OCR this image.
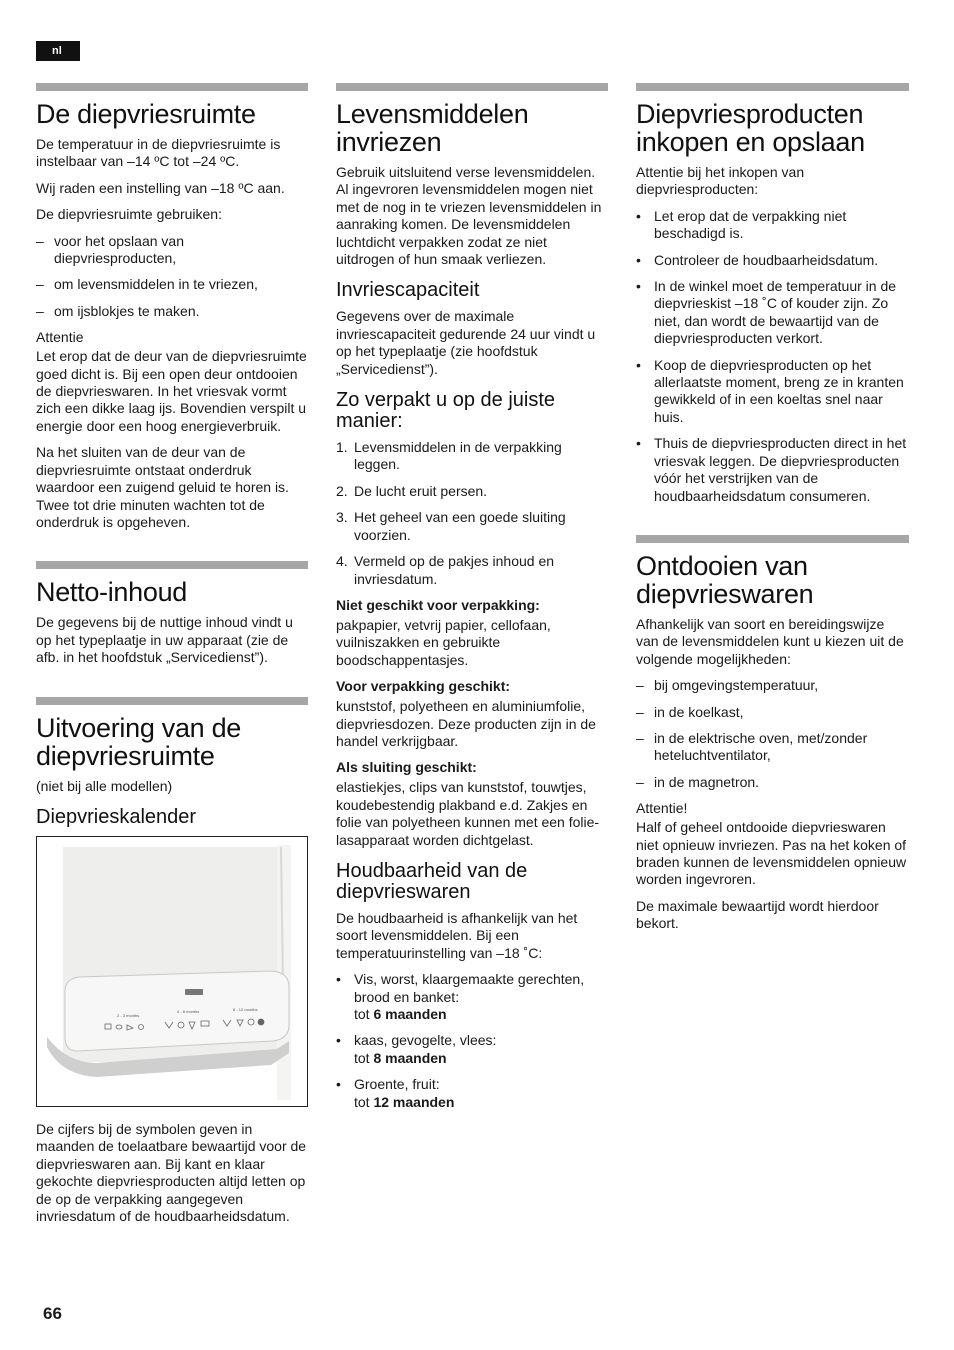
nl
De diepvriesruimte

De temperatuur in de diepvriesruimte is instelbaar van –14 ºC tot –24 ºC.

Wij raden een instelling van –18 ºC aan.

De diepvriesruimte gebruiken:

– voor het opslaan van diepvriesproducten,
– om levensmiddelen in te vriezen,
– om ijsblokjes te maken.
Attentie

Let erop dat de deur van de diepvriesruimte goed dicht is. Bij een open deur ontdooien de diepvrieswaren. In het vriesvak vormt zich een dikke laag ijs. Bovendien verspilt u energie door een hoog energieverbruik.

Na het sluiten van de deur van de diepvriesruimte ontstaat onderdruk waardoor een zuigend geluid te horen is. Twee tot drie minuten wachten tot de onderdruk is opgeheven.

Netto-inhoud

De gegevens bij de nuttige inhoud vindt u op het typeplaatje in uw apparaat (zie de afb. in het hoofdstuk „Servicedienst”).

Uitvoering van de diepvriesruimte

(niet bij alle modellen)

Diepvrieskalender
2 - 3 months
4 - 8 months	8 - 12 months

De cijfers bij de symbolen geven in maanden de toelaatbare bewaartijd voor de diepvrieswaren aan. Bij kant en klaar gekochte diepvriesproducten altijd letten op de op de verpakking aangegeven invriesdatum of de houdbaarheidsdatum.

Levensmiddelen invriezen

Gebruik uitsluitend verse levensmiddelen. Al ingevroren levensmiddelen mogen niet met de nog in te vriezen levensmiddelen in aanraking komen. De levensmiddelen luchtdicht verpakken zodat ze niet uitdrogen of hun smaak verliezen.

Invriescapaciteit

Gegevens over de maximale invriescapaciteit gedurende 24 uur vindt u op het typeplaatje (zie hoofdstuk „Servicedienst”).

Zo verpakt u op de juiste manier:
1. Levensmiddelen in de verpakking leggen.
2. De lucht eruit persen.
3. Het geheel van een goede sluiting voorzien.
4. Vermeld op de pakjes inhoud en invriesdatum.
Niet geschikt voor verpakking:

pakpapier, vetvrij papier, cellofaan, vuilniszakken en gebruikte boodschappentasjes.

Voor verpakking geschikt:

kunststof, polyetheen en aluminiumfolie, diepvriesdozen. Deze producten zijn in de handel verkrijgbaar.

Als sluiting geschikt:

elastiekjes, clips van kunststof, touwtjes, koudebestendig plakband e.d. Zakjes en folie van polyetheen kunnen met een folie-lasapparaat worden dichtgelast.

Houdbaarheid van de diepvrieswaren

De houdbaarheid is afhankelijk van het soort levensmiddelen. Bij een temperatuurinstelling van –18 ˚C:

• Vis, worst, klaargemaakte gerechten, brood en banket:
tot 6 maanden
• kaas, gevogelte, vlees:
tot 8 maanden
• Groente, fruit:
tot 12 maanden
Diepvriesproducten inkopen en opslaan

Attentie bij het inkopen van diepvriesproducten:

• Let erop dat de verpakking niet beschadigd is.
• Controleer de houdbaarheidsdatum.
• In de winkel moet de temperatuur in de diepvrieskist –18 ˚C of kouder zijn. Zo niet, dan wordt de bewaartijd van de diepvriesproducten verkort.
• Koop de diepvriesproducten op het allerlaatste moment, breng ze in kranten gewikkeld of in een koeltas snel naar huis.
• Thuis de diepvriesproducten direct in het vriesvak leggen. De diepvriesproducten vóór het verstrijken van de houdbaarheidsdatum consumeren.
Ontdooien van diepvrieswaren

Afhankelijk van soort en bereidingswijze van de levensmiddelen kunt u kiezen uit de volgende mogelijkheden:

– bij omgevingstemperatuur,
– in de koelkast,
– in de elektrische oven, met/zonder heteluchtventilator,
– in de magnetron.
Attentie!

Half of geheel ontdooide diepvrieswaren niet opnieuw invriezen. Pas na het koken of braden kunnen de levensmiddelen opnieuw worden ingevroren.

De maximale bewaartijd wordt hierdoor bekort.

66
